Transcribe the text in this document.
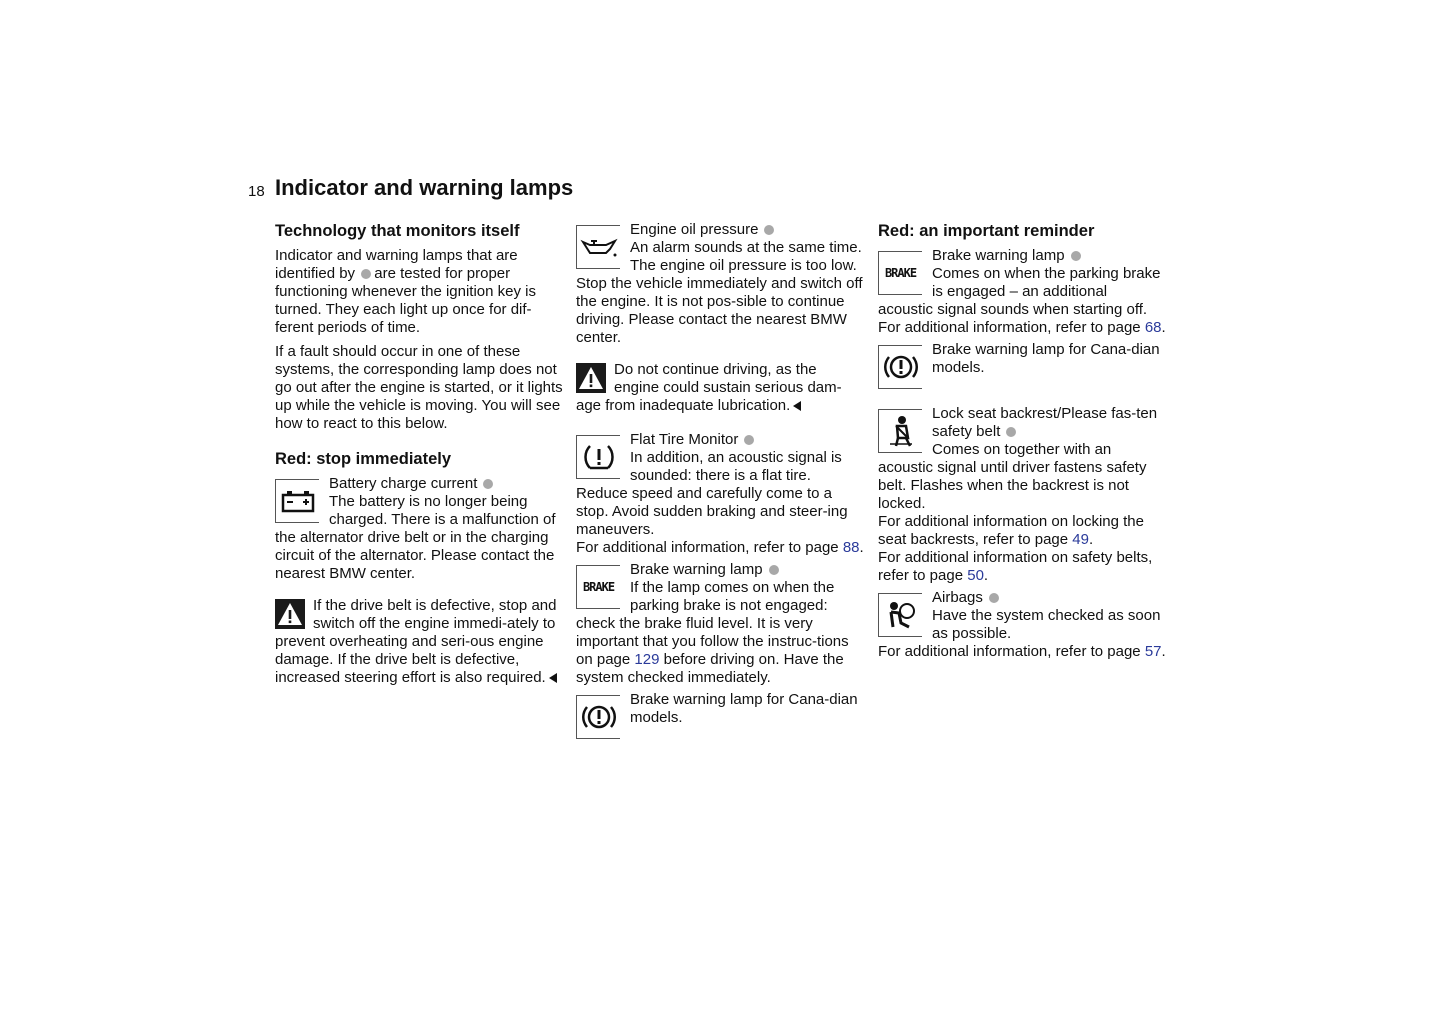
18 Indicator and warning lamps
Technology that monitors itself

Indicator and warning lamps that are identified by are tested for proper functioning whenever the ignition key is turned. They each light up once for dif-ferent periods of time.

If a fault should occur in one of these systems, the corresponding lamp does not go out after the engine is started, or it lights up while the vehicle is moving. You will see how to react to this below.

Red: stop immediately
Battery charge current
The battery is no longer being charged. There is a malfunction of the alternator drive belt or in the charging circuit of the alternator. Please contact the nearest BMW center.
If the drive belt is defective, stop and switch off the engine immedi-ately to prevent overheating and seri-ous engine damage. If the drive belt is defective, increased steering effort is also required.
Engine oil pressure
An alarm sounds at the same time. The engine oil pressure is too low. Stop the vehicle immediately and switch off the engine. It is not pos-sible to continue driving. Please contact the nearest BMW center.
Do not continue driving, as the engine could sustain serious dam-age from inadequate lubrication.
Flat Tire Monitor
In addition, an acoustic signal is sounded: there is a flat tire. Reduce speed and carefully come to a stop. Avoid sudden braking and steer-ing maneuvers.
For additional information, refer to page 88.
BRAKE
Brake warning lamp
If the lamp comes on when the parking brake is not engaged: check the brake fluid level. It is very important that you follow the instruc-tions on page 129 before driving on. Have the system checked immediately.
Brake warning lamp for Cana-dian models.
Red: an important reminder
BRAKE
Brake warning lamp
Comes on when the parking brake is engaged – an additional acoustic signal sounds when starting off.
For additional information, refer to page 68.
Brake warning lamp for Cana-dian models.
Lock seat backrest/Please fas-ten safety belt
Comes on together with an acoustic signal until driver fastens safety belt. Flashes when the backrest is not locked.
For additional information on locking the seat backrests, refer to page 49.
For additional information on safety belts, refer to page 50.
Airbags
Have the system checked as soon as possible.
For additional information, refer to page 57.
